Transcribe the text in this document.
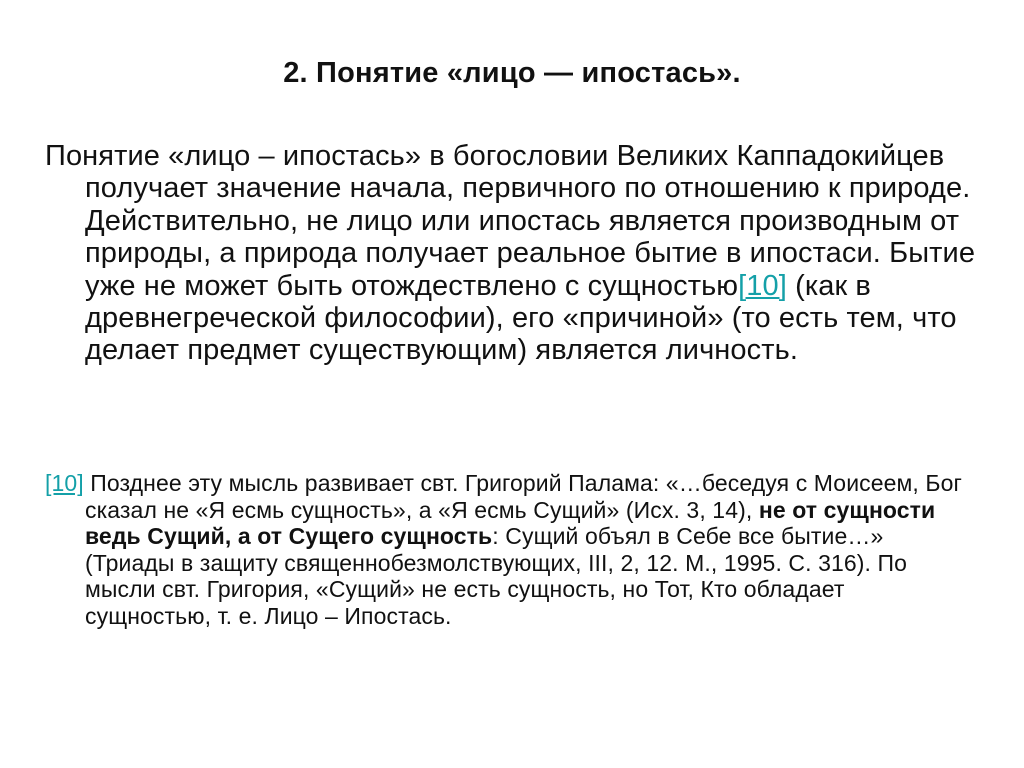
2. Понятие «лицо — ипостась».
Понятие «лицо – ипостась» в богословии Великих Каппадокийцев получает значение начала, первичного по отношению к природе. Действительно, не лицо или ипостась является производным от природы, а природа получает реальное бытие в ипостаси. Бытие уже не может быть отождествлено с сущностью[10] (как в древнегреческой философии), его «причиной» (то есть тем, что делает предмет существующим) является личность.
[10] Позднее эту мысль развивает свт. Григорий Палама: «…беседуя с Моисеем, Бог сказал не «Я есмь сущность», а «Я есмь Сущий» (Исх. 3, 14), не от сущности ведь Сущий, а от Сущего сущность: Сущий объял в Себе все бытие…» (Триады в защиту священнобезмолствующих, III, 2, 12. М., 1995. С. 316). По мысли свт. Григория, «Сущий» не есть сущность, но Тот, Кто обладает сущностью, т. е. Лицо – Ипостась.
